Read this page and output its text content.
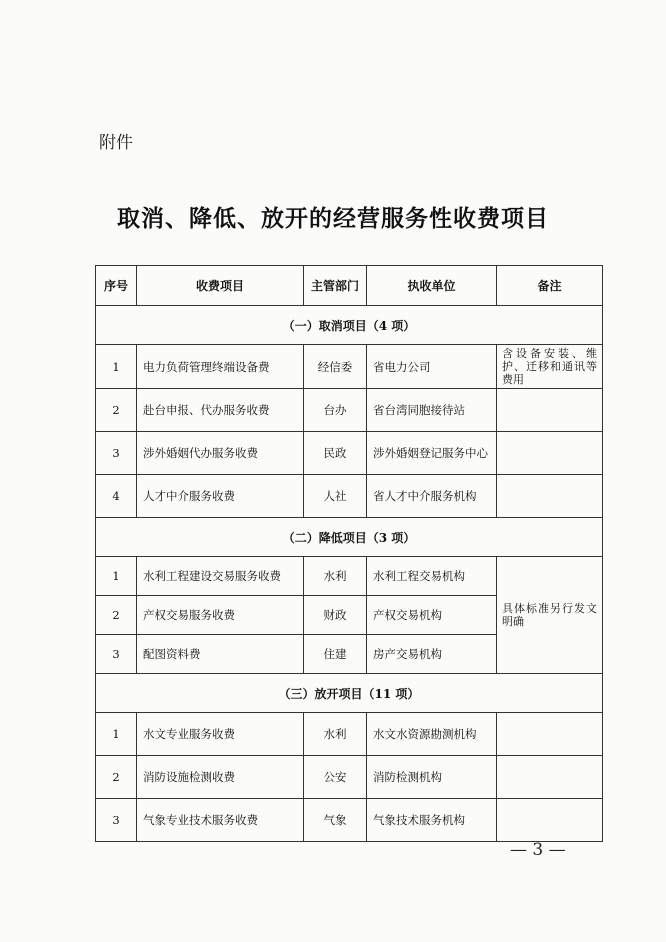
附件
取消、降低、放开的经营服务性收费项目
序号	收费项目	主管部门	执收单位	备注
（一）取消项目（4 项）				
1	电力负荷管理终端设备费	经信委	省电力公司	含设备安装、维护、迁移和通讯等费用
2	赴台申报、代办服务收费	台办	省台湾同胞接待站	
3	涉外婚姻代办服务收费	民政	涉外婚姻登记服务中心	
4	人才中介服务收费	人社	省人才中介服务机构	
（二）降低项目（3 项）				
1	水利工程建设交易服务收费	水利	水利工程交易机构	具体标准另行发文明确
2	产权交易服务收费	财政	产权交易机构	
3	配图资料费	住建	房产交易机构	
（三）放开项目（11 项）				
1	水文专业服务收费	水利	水文水资源勘测机构	
2	消防设施检测收费	公安	消防检测机构	
3	气象专业技术服务收费	气象	气象技术服务机构	
— 3 —
